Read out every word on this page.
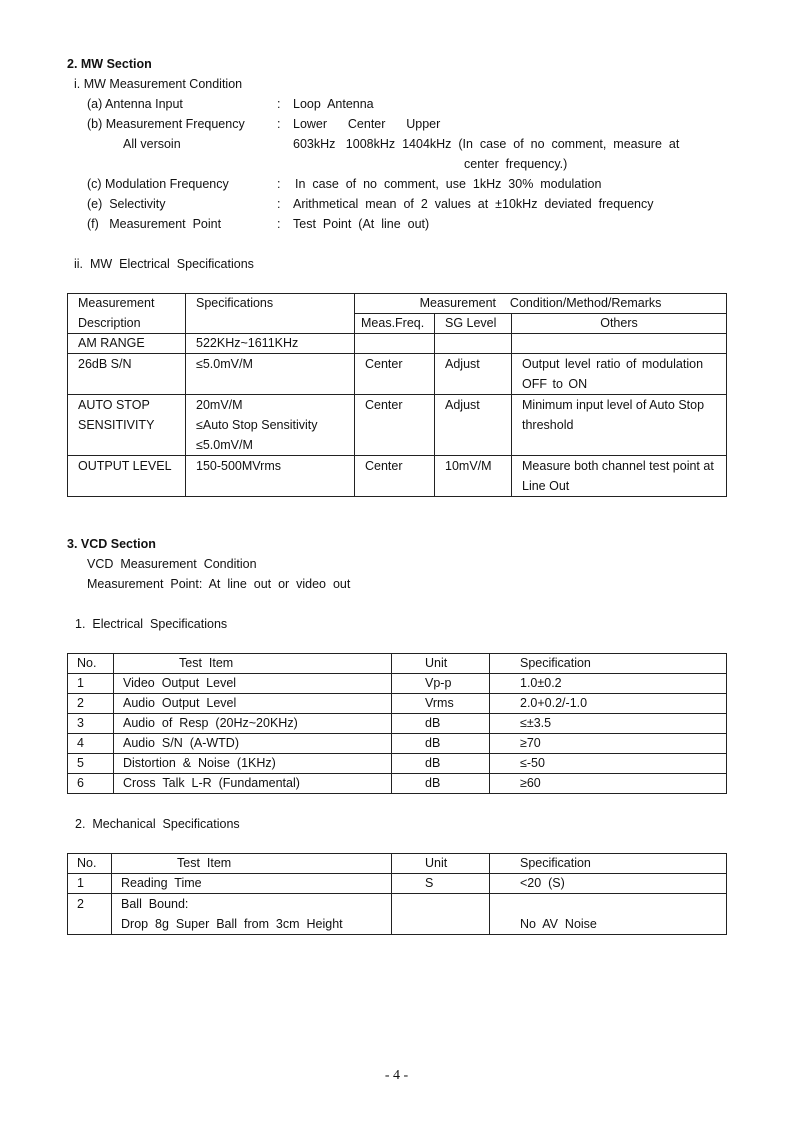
2. MW Section
i. MW Measurement Condition
(a) Antenna Input	: Loop  Antenna
(b) Measurement Frequency	: Lower      Center      Upper
All versoin	603kHz   1008kHz  1404kHz  (In  case  of  no  comment,  measure  at
center  frequency.)
(c) Modulation Frequency	: In  case  of  no  comment,  use  1kHz  30%  modulation
(e)  Selectivity	: Arithmetical  mean  of  2  values  at  ±10kHz  deviated  frequency
(f)   Measurement  Point	: Test  Point  (At  line  out)
ii.  MW  Electrical  Specifications
Measurement	Specifications	Measurement    Condition/Method/Remarks		
Description		Meas.Freq.	SG Level	Others
AM RANGE	522KHz~1611KHz			
26dB S/N	≤5.0mV/M	Center	Adjust	Output level ratio of modulation OFF to ON
AUTO STOP SENSITIVITY	20mV/M
≤Auto Stop Sensitivity
≤5.0mV/M	Center	Adjust	Minimum input level of Auto Stop threshold
OUTPUT LEVEL	150-500MVrms	Center	10mV/M	Measure both channel test point at Line Out
3. VCD Section
VCD  Measurement  Condition
Measurement  Point:  At  line  out  or  video  out
1.  Electrical  Specifications
No.	Test  Item	Unit	Specification
1	Video  Output  Level	Vp-p	1.0±0.2
2	Audio  Output  Level	Vrms	2.0+0.2/-1.0
3	Audio  of  Resp  (20Hz~20KHz)	dB	≤±3.5
4	Audio  S/N  (A-WTD)	dB	≥70
5	Distortion  &  Noise  (1KHz)	dB	≤-50
6	Cross  Talk  L-R  (Fundamental)	dB	≥60
2.  Mechanical  Specifications
No.	Test  Item	Unit	Specification
1	Reading  Time	S	<20  (S)
2	Ball  Bound:
Drop  8g  Super  Ball  from  3cm  Height		No  AV  Noise
- 4 -
